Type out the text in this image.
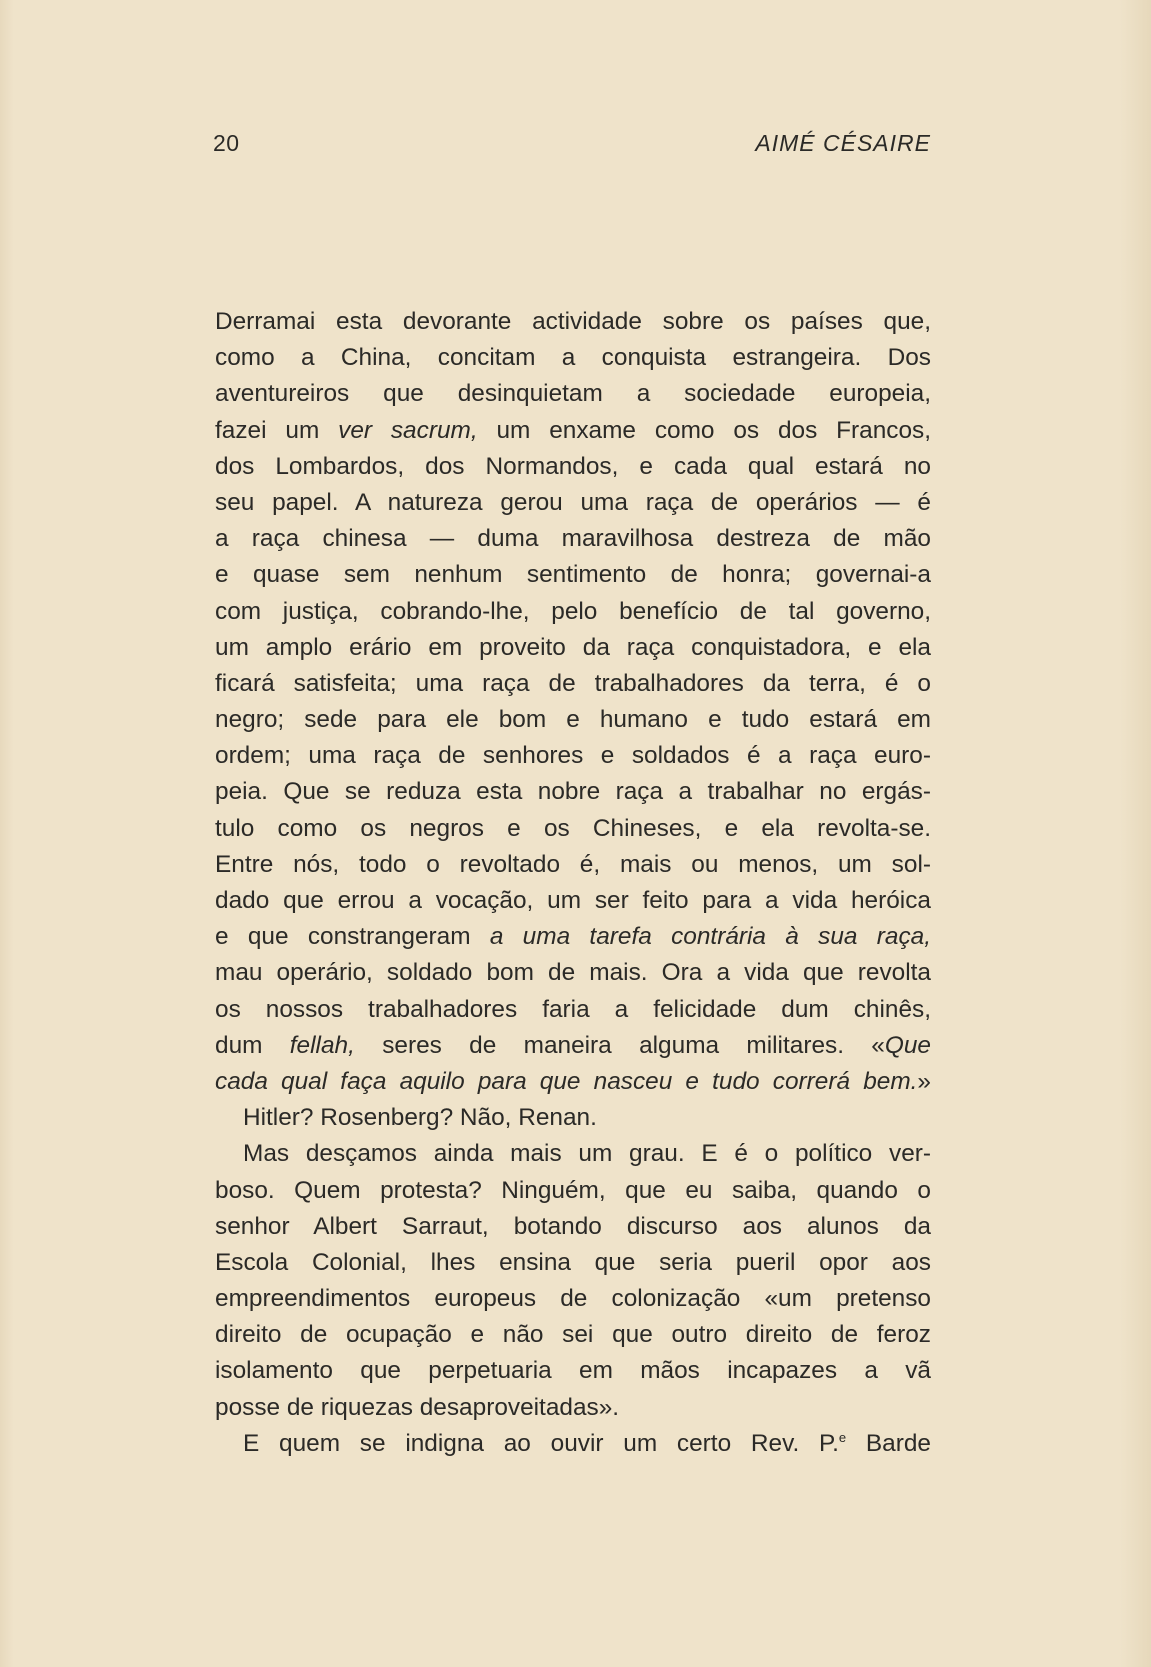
20	AIMÉ CÉSAIRE
Derramai esta devorante actividade sobre os países que,
como a China, concitam a conquista estrangeira. Dos
aventureiros que desinquietam a sociedade europeia,
fazei um ver sacrum, um enxame como os dos Francos,
dos Lombardos, dos Normandos, e cada qual estará no
seu papel. A natureza gerou uma raça de operários — é
a raça chinesa — duma maravilhosa destreza de mão
e quase sem nenhum sentimento de honra; governai-a
com justiça, cobrando-lhe, pelo benefício de tal governo,
um amplo erário em proveito da raça conquistadora, e ela
ficará satisfeita; uma raça de trabalhadores da terra, é o
negro; sede para ele bom e humano e tudo estará em
ordem; uma raça de senhores e soldados é a raça euro-
peia. Que se reduza esta nobre raça a trabalhar no ergás-
tulo como os negros e os Chineses, e ela revolta-se.
Entre nós, todo o revoltado é, mais ou menos, um sol-
dado que errou a vocação, um ser feito para a vida heróica
e que constrangeram a uma tarefa contrária à sua raça,
mau operário, soldado bom de mais. Ora a vida que revolta
os nossos trabalhadores faria a felicidade dum chinês,
dum fellah, seres de maneira alguma militares. «Que
cada qual faça aquilo para que nasceu e tudo correrá bem.»
Hitler? Rosenberg? Não, Renan.
Mas desçamos ainda mais um grau. E é o político ver-
boso. Quem protesta? Ninguém, que eu saiba, quando o
senhor Albert Sarraut, botando discurso aos alunos da
Escola Colonial, lhes ensina que seria pueril opor aos
empreendimentos europeus de colonização «um pretenso
direito de ocupação e não sei que outro direito de feroz
isolamento que perpetuaria em mãos incapazes a vã
posse de riquezas desaproveitadas».
E quem se indigna ao ouvir um certo Rev. P.$^e$ Barde
